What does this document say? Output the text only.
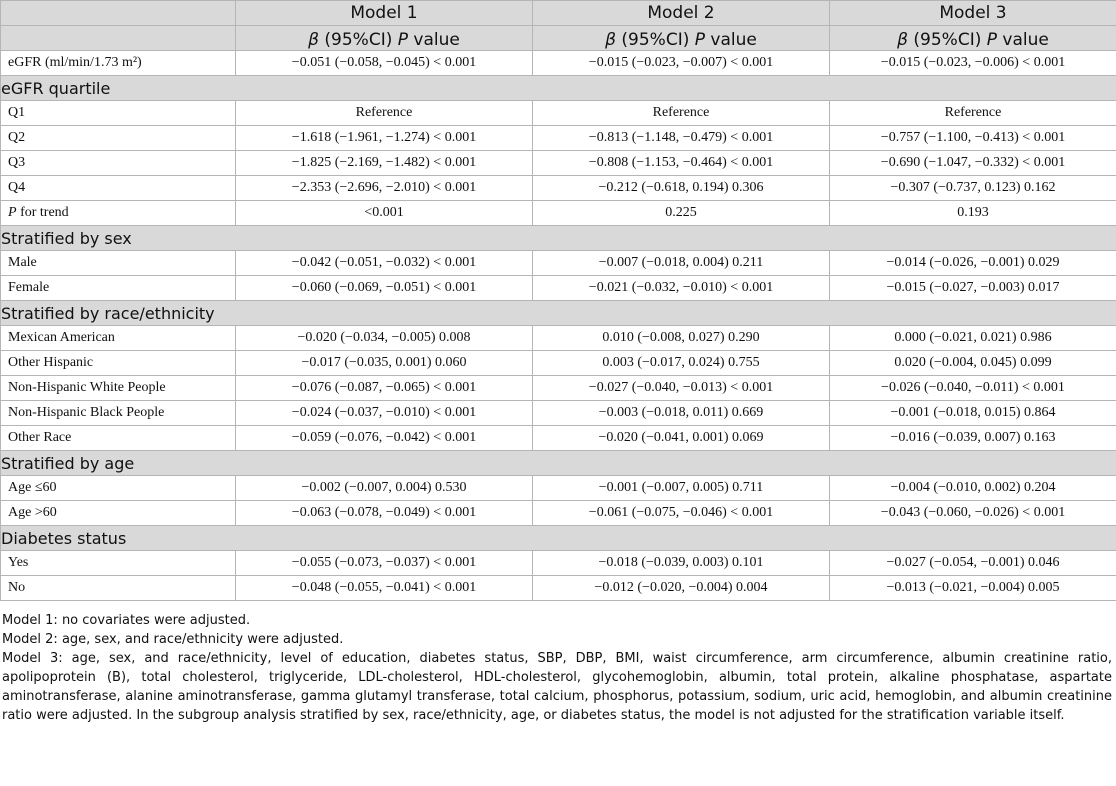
	Model 1	Model 2	Model 3
	β (95%CI) P value	β (95%CI) P value	β (95%CI) P value
eGFR (ml/min/1.73 m²)	−0.051 (−0.058, −0.045) < 0.001	−0.015 (−0.023, −0.007) < 0.001	−0.015 (−0.023, −0.006) < 0.001
eGFR quartile			
Q1	Reference	Reference	Reference
Q2	−1.618 (−1.961, −1.274) < 0.001	−0.813 (−1.148, −0.479) < 0.001	−0.757 (−1.100, −0.413) < 0.001
Q3	−1.825 (−2.169, −1.482) < 0.001	−0.808 (−1.153, −0.464) < 0.001	−0.690 (−1.047, −0.332) < 0.001
Q4	−2.353 (−2.696, −2.010) < 0.001	−0.212 (−0.618, 0.194) 0.306	−0.307 (−0.737, 0.123) 0.162
P for trend	<0.001	0.225	0.193
Stratified by sex			
Male	−0.042 (−0.051, −0.032) < 0.001	−0.007 (−0.018, 0.004) 0.211	−0.014 (−0.026, −0.001) 0.029
Female	−0.060 (−0.069, −0.051) < 0.001	−0.021 (−0.032, −0.010) < 0.001	−0.015 (−0.027, −0.003) 0.017
Stratified by race/ethnicity			
Mexican American	−0.020 (−0.034, −0.005) 0.008	0.010 (−0.008, 0.027) 0.290	0.000 (−0.021, 0.021) 0.986
Other Hispanic	−0.017 (−0.035, 0.001) 0.060	0.003 (−0.017, 0.024) 0.755	0.020 (−0.004, 0.045) 0.099
Non-Hispanic White People	−0.076 (−0.087, −0.065) < 0.001	−0.027 (−0.040, −0.013) < 0.001	−0.026 (−0.040, −0.011) < 0.001
Non-Hispanic Black People	−0.024 (−0.037, −0.010) < 0.001	−0.003 (−0.018, 0.011) 0.669	−0.001 (−0.018, 0.015) 0.864
Other Race	−0.059 (−0.076, −0.042) < 0.001	−0.020 (−0.041, 0.001) 0.069	−0.016 (−0.039, 0.007) 0.163
Stratified by age			
Age ≤60	−0.002 (−0.007, 0.004) 0.530	−0.001 (−0.007, 0.005) 0.711	−0.004 (−0.010, 0.002) 0.204
Age >60	−0.063 (−0.078, −0.049) < 0.001	−0.061 (−0.075, −0.046) < 0.001	−0.043 (−0.060, −0.026) < 0.001
Diabetes status			
Yes	−0.055 (−0.073, −0.037) < 0.001	−0.018 (−0.039, 0.003) 0.101	−0.027 (−0.054, −0.001) 0.046
No	−0.048 (−0.055, −0.041) < 0.001	−0.012 (−0.020, −0.004) 0.004	−0.013 (−0.021, −0.004) 0.005

Model 1: no covariates were adjusted.

Model 2: age, sex, and race/ethnicity were adjusted.

Model 3: age, sex, and race/ethnicity, level of education, diabetes status, SBP, DBP, BMI, waist circumference, arm circumference, albumin creatinine ratio, apolipoprotein (B), total cholesterol, triglyceride, LDL-cholesterol, HDL-cholesterol, glycohemoglobin, albumin, total protein, alkaline phosphatase, aspartate aminotransferase, alanine aminotransferase, gamma glutamyl transferase, total calcium, phosphorus, potassium, sodium, uric acid, hemoglobin, and albumin creatinine ratio were adjusted. In the subgroup analysis stratified by sex, race/ethnicity, age, or diabetes status, the model is not adjusted for the stratification variable itself.
